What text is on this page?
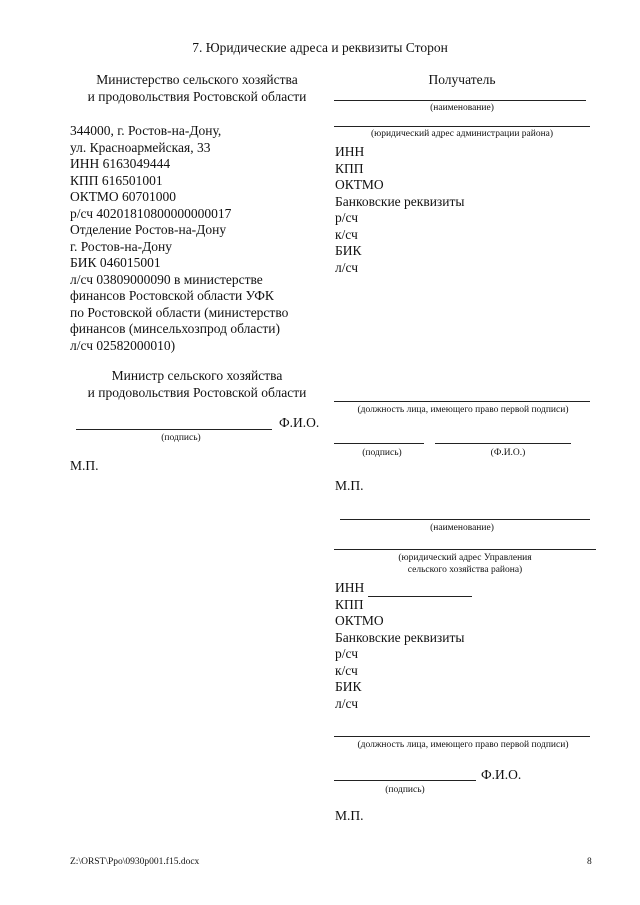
7. Юридические адреса и реквизиты Сторон
Министерство сельского хозяйства
и продовольствия Ростовской области
344000, г. Ростов-на-Дону,
ул. Красноармейская, 33
ИНН 6163049444
КПП 616501001
ОКТМО 60701000
р/сч 40201810800000000017
Отделение Ростов-на-Дону
г. Ростов-на-Дону
БИК 046015001
л/сч 03809000090 в министерстве
финансов Ростовской области УФК
по Ростовской области (министерство
финансов (минсельхозпрод области)
л/сч 02582000010)
Министр сельского хозяйства
и продовольствия Ростовской области
Ф.И.О.
(подпись)
М.П.
Получатель
(наименование)
(юридический адрес администрации района)
ИНН
КПП
ОКТМО
Банковские реквизиты
р/сч
к/сч
БИК
л/сч
(должность лица, имеющего право первой подписи)
(подпись)	(Ф.И.О.)
М.П.
(наименование)
(юридический адрес Управления
сельского хозяйства района)
ИНН
КПП
ОКТМО
Банковские реквизиты
р/сч
к/сч
БИК
л/сч
(должность лица, имеющего право первой подписи)
Ф.И.О.
(подпись)
М.П.
Z:\ORST\Ppo\0930p001.f15.docx	8
